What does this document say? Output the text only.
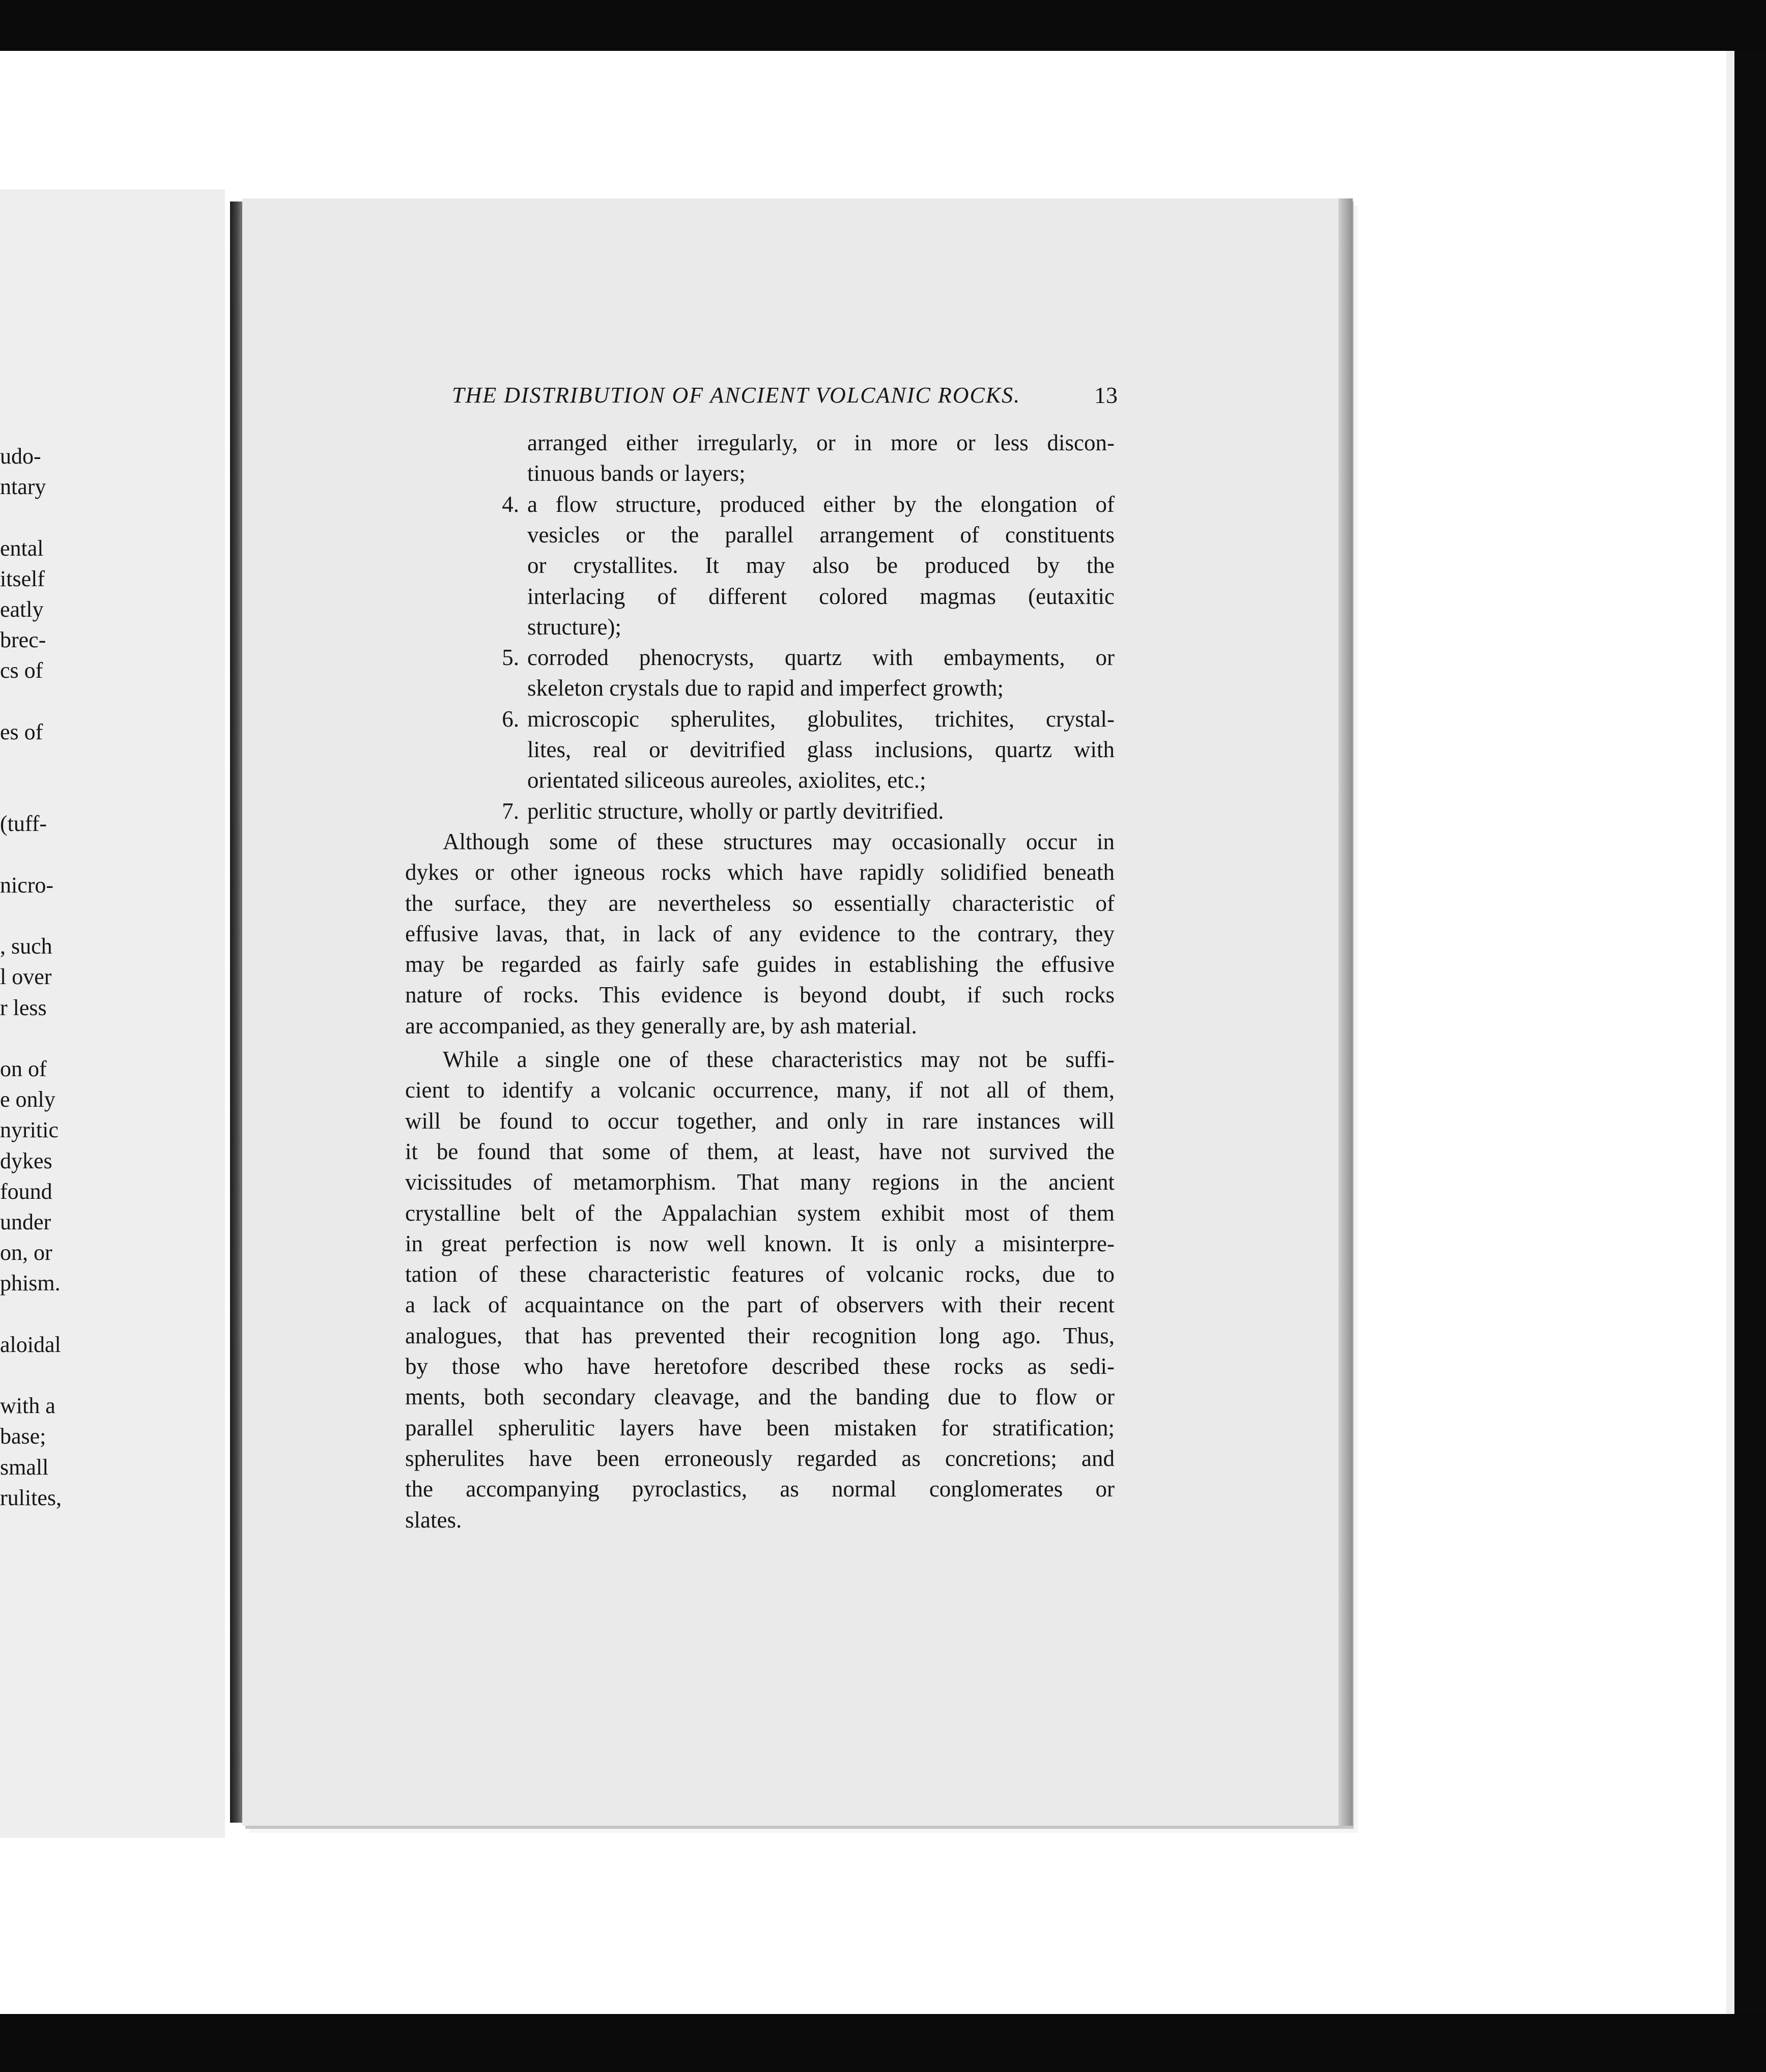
udo-
ntary
ental
itself
eatly
brec-
cs of
es of
(tuff-
nicro-
, such
l over
r less
on of
e only
nyritic
dykes
found
under
on, or
phism.
aloidal
with a
base;
small
rulites,
THE DISTRIBUTION OF ANCIENT VOLCANIC ROCKS.	13
arranged either irregularly, or in more or less discon-
tinuous bands or layers;
4. a flow structure, produced either by the elongation of
vesicles or the parallel arrangement of constituents
or crystallites. It may also be produced by the
interlacing of different colored magmas (eutaxitic
structure);
5. corroded phenocrysts, quartz with embayments, or
skeleton crystals due to rapid and imperfect growth;
6. microscopic spherulites, globulites, trichites, crystal-
lites, real or devitrified glass inclusions, quartz with
orientated siliceous aureoles, axiolites, etc.;
7. perlitic structure, wholly or partly devitrified.
Although some of these structures may occasionally occur in
dykes or other igneous rocks which have rapidly solidified beneath
the surface, they are nevertheless so essentially characteristic of
effusive lavas, that, in lack of any evidence to the contrary, they
may be regarded as fairly safe guides in establishing the effusive
nature of rocks. This evidence is beyond doubt, if such rocks
are accompanied, as they generally are, by ash material.
While a single one of these characteristics may not be suffi-
cient to identify a volcanic occurrence, many, if not all of them,
will be found to occur together, and only in rare instances will
it be found that some of them, at least, have not survived the
vicissitudes of metamorphism. That many regions in the ancient
crystalline belt of the Appalachian system exhibit most of them
in great perfection is now well known. It is only a misinterpre-
tation of these characteristic features of volcanic rocks, due to
a lack of acquaintance on the part of observers with their recent
analogues, that has prevented their recognition long ago. Thus,
by those who have heretofore described these rocks as sedi-
ments, both secondary cleavage, and the banding due to flow or
parallel spherulitic layers have been mistaken for stratification;
spherulites have been erroneously regarded as concretions; and
the accompanying pyroclastics, as normal conglomerates or
slates.
